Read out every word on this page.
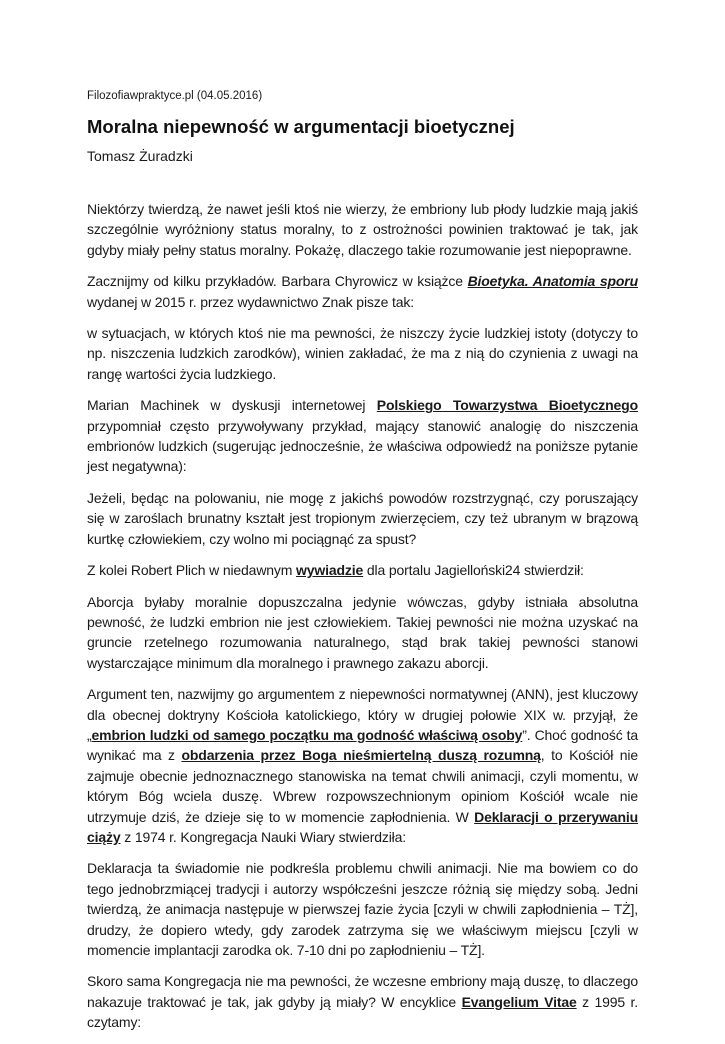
Filozofiawpraktyce.pl (04.05.2016)
Moralna niepewność w argumentacji bioetycznej
Tomasz Żuradzki

Niektórzy twierdzą, że nawet jeśli ktoś nie wierzy, że embriony lub płody ludzkie mają jakiś szczególnie wyróżniony status moralny, to z ostrożności powinien traktować je tak, jak gdyby miały pełny status moralny. Pokażę, dlaczego takie rozumowanie jest niepoprawne.

Zacznijmy od kilku przykładów. Barbara Chyrowicz w książce Bioetyka. Anatomia sporu wydanej w 2015 r. przez wydawnictwo Znak pisze tak:

w sytuacjach, w których ktoś nie ma pewności, że niszczy życie ludzkiej istoty (dotyczy to np. niszczenia ludzkich zarodków), winien zakładać, że ma z nią do czynienia z uwagi na rangę wartości życia ludzkiego.

Marian Machinek w dyskusji internetowej Polskiego Towarzystwa Bioetycznego przypomniał często przywoływany przykład, mający stanowić analogię do niszczenia embrionów ludzkich (sugerując jednocześnie, że właściwa odpowiedź na poniższe pytanie jest negatywna):

Jeżeli, będąc na polowaniu, nie mogę z jakichś powodów rozstrzygnąć, czy poruszający się w zaroślach brunatny kształt jest tropionym zwierzęciem, czy też ubranym w brązową kurtkę człowiekiem, czy wolno mi pociągnąć za spust?

Z kolei Robert Plich w niedawnym wywiadzie dla portalu Jagielloński24 stwierdził:

Aborcja byłaby moralnie dopuszczalna jedynie wówczas, gdyby istniała absolutna pewność, że ludzki embrion nie jest człowiekiem. Takiej pewności nie można uzyskać na gruncie rzetelnego rozumowania naturalnego, stąd brak takiej pewności stanowi wystarczające minimum dla moralnego i prawnego zakazu aborcji.

Argument ten, nazwijmy go argumentem z niepewności normatywnej (ANN), jest kluczowy dla obecnej doktryny Kościoła katolickiego, który w drugiej połowie XIX w. przyjął, że „embrion ludzki od samego początku ma godność właściwą osoby”. Choć godność ta wynikać ma z obdarzenia przez Boga nieśmiertelną duszą rozumną, to Kościół nie zajmuje obecnie jednoznacznego stanowiska na temat chwili animacji, czyli momentu, w którym Bóg wciela duszę. Wbrew rozpowszechnionym opiniom Kościół wcale nie utrzymuje dziś, że dzieje się to w momencie zapłodnienia. W Deklaracji o przerywaniu ciąży z 1974 r. Kongregacja Nauki Wiary stwierdziła:

Deklaracja ta świadomie nie podkreśla problemu chwili animacji. Nie ma bowiem co do tego jednobrzmiącej tradycji i autorzy współcześni jeszcze różnią się między sobą. Jedni twierdzą, że animacja następuje w pierwszej fazie życia [czyli w chwili zapłodnienia – TŻ], drudzy, że dopiero wtedy, gdy zarodek zatrzyma się we właściwym miejscu [czyli w momencie implantacji zarodka ok. 7-10 dni po zapłodnieniu – TŻ].

Skoro sama Kongregacja nie ma pewności, że wczesne embriony mają duszę, to dlaczego nakazuje traktować je tak, jak gdyby ją miały? W encyklice Evangelium Vitae z 1995 r. czytamy:
